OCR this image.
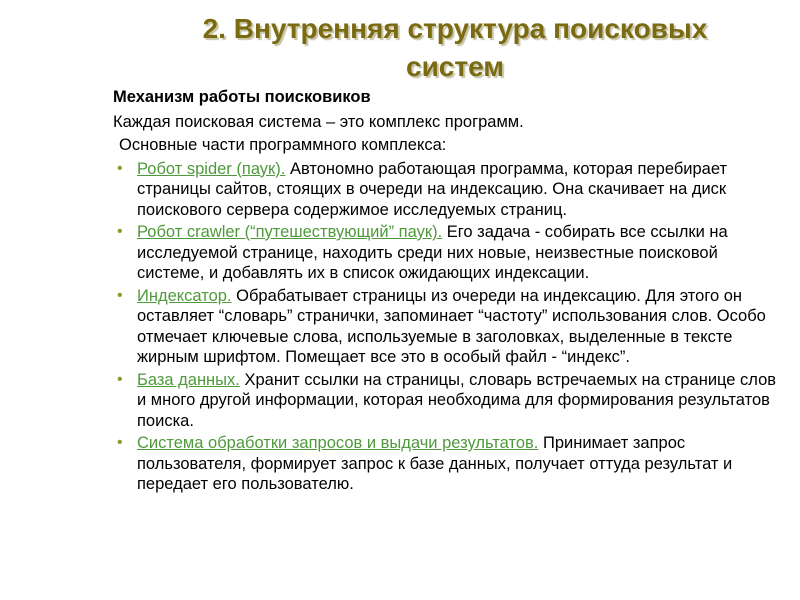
2. Внутренняя структура поисковых систем

Механизм работы поисковиков

Каждая поисковая система – это комплекс программ.

Основные части программного комплекса:

• Робот spider (паук). Автономно работающая программа, которая перебирает страницы сайтов, стоящих в очереди на индексацию. Она скачивает на диск поискового сервера содержимое исследуемых страниц.
• Робот crawler (“путешествующий” паук). Его задача - собирать все ссылки на исследуемой странице, находить среди них новые, неизвестные поисковой системе, и добавлять их в список ожидающих индексации.
• Индексатор. Обрабатывает страницы из очереди на индексацию. Для этого он оставляет “словарь” странички, запоминает “частоту” использования слов. Особо отмечает ключевые слова, используемые в заголовках, выделенные в тексте жирным шрифтом. Помещает все это в особый файл - “индекс”.
• База данных. Хранит ссылки на страницы, словарь встречаемых на странице слов и много другой информации, которая необходима для формирования результатов поиска.
• Система обработки запросов и выдачи результатов. Принимает запрос пользователя, формирует запрос к базе данных, получает оттуда результат и передает его пользователю.
